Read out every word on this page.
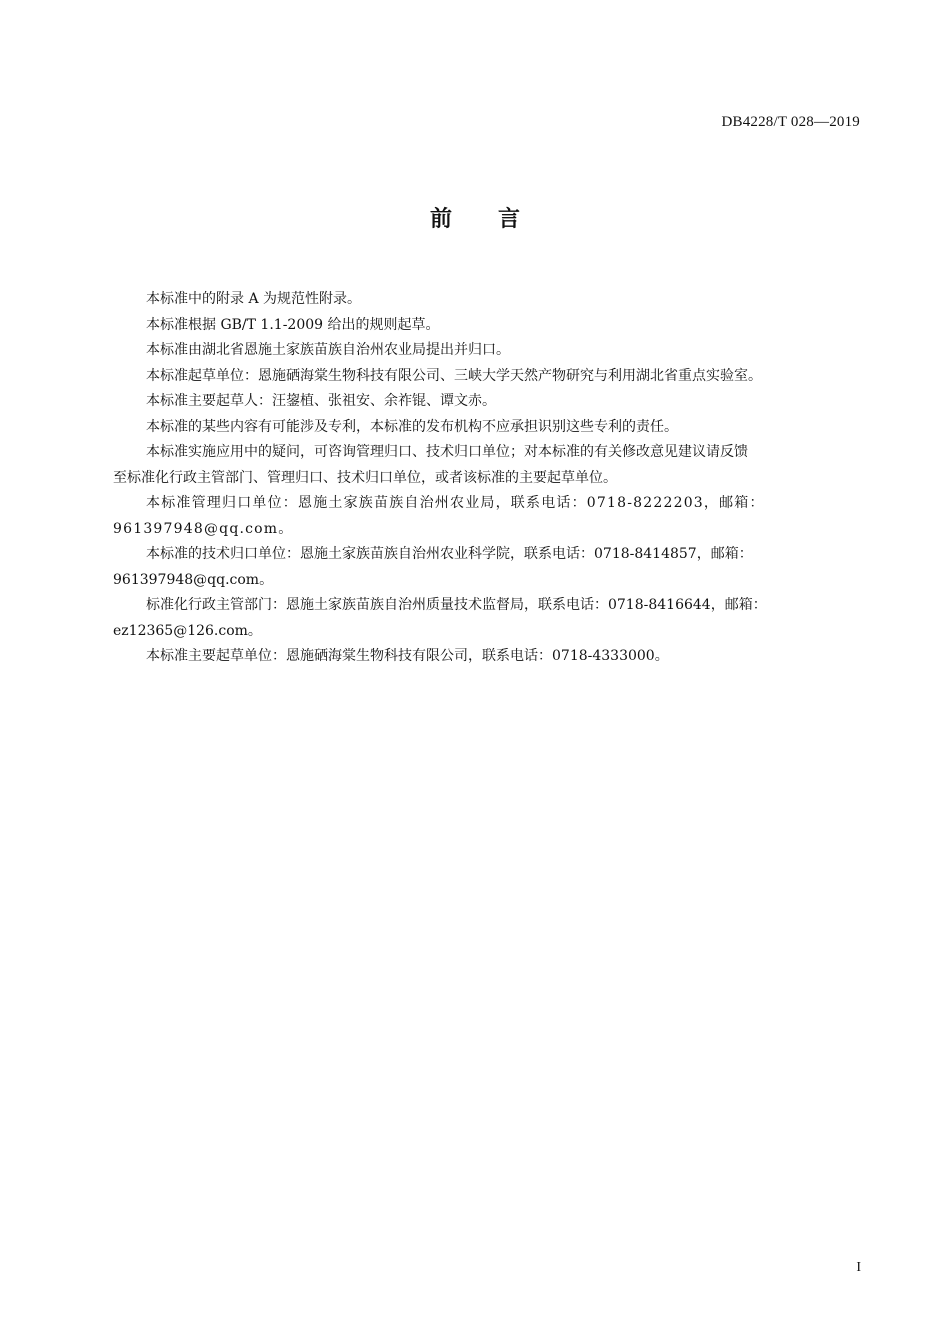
DB4228/T 028—2019
前言

本标准中的附录 A 为规范性附录。

本标准根据 GB/T 1.1-2009 给出的规则起草。

本标准由湖北省恩施土家族苗族自治州农业局提出并归口。

本标准起草单位：恩施硒海棠生物科技有限公司、三峡大学天然产物研究与利用湖北省重点实验室。

本标准主要起草人：汪鋆植、张祖安、余祚锟、谭文赤。

本标准的某些内容有可能涉及专利，本标准的发布机构不应承担识别这些专利的责任。

本标准实施应用中的疑问，可咨询管理归口、技术归口单位；对本标准的有关修改意见建议请反馈
至标准化行政主管部门、管理归口、技术归口单位，或者该标准的主要起草单位。

本标准管理归口单位：恩施土家族苗族自治州农业局，联系电话：0718-8222203，邮箱：
961397948@qq.com。

本标准的技术归口单位：恩施土家族苗族自治州农业科学院，联系电话：0718-8414857，邮箱：
961397948@qq.com。

标准化行政主管部门：恩施土家族苗族自治州质量技术监督局，联系电话：0718-8416644，邮箱：
ez12365@126.com。

本标准主要起草单位：恩施硒海棠生物科技有限公司，联系电话：0718-4333000。

I
